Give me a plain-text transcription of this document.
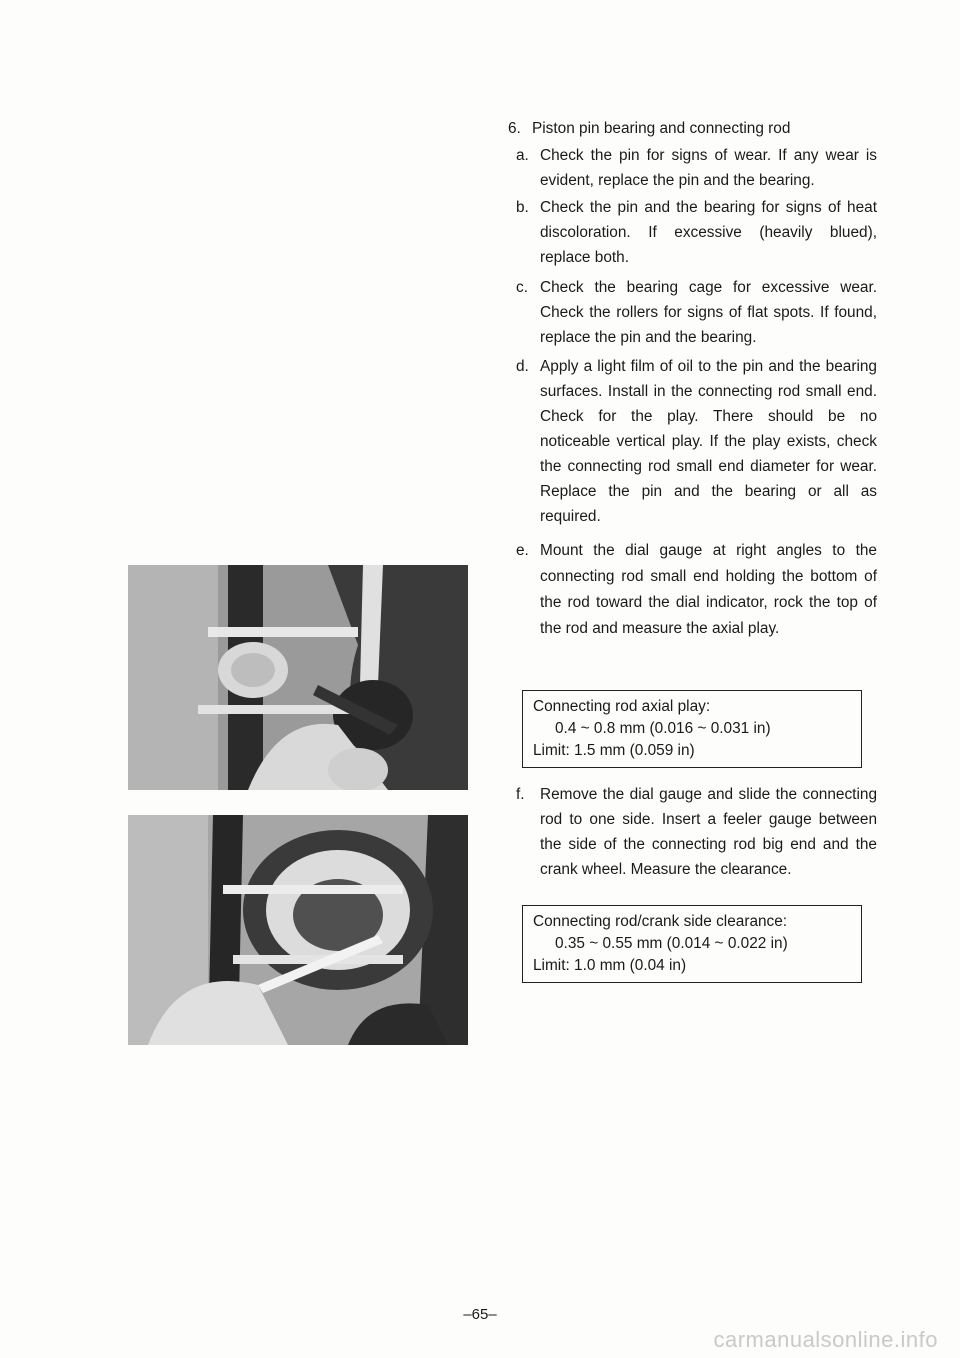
6. Piston pin bearing and connecting rod
a. Check the pin for signs of wear. If any wear is evident, replace the pin and the bearing.
b. Check the pin and the bearing for signs of heat discoloration. If excessive (heavily blued), replace both.
c. Check the bearing cage for excessive wear. Check the rollers for signs of flat spots. If found, replace the pin and the bearing.
d. Apply a light film of oil to the pin and the bearing surfaces. Install in the connecting rod small end. Check for the play. There should be no noticeable vertical play. If the play exists, check the connecting rod small end diameter for wear. Replace the pin and the bearing or all as required.
e. Mount the dial gauge at right angles to the connecting rod small end holding the bottom of the rod toward the dial indicator, rock the top of the rod and measure the axial play.
Connecting rod axial play:

0.4 ~ 0.8 mm (0.016 ~ 0.031 in)
Limit: 1.5 mm (0.059 in)
f.	Remove the dial gauge and slide the connecting rod to one side. Insert a feeler gauge between the side of the connecting rod big end and the crank wheel. Measure the clearance.
Connecting rod/crank side clearance:

0.35 ~ 0.55 mm (0.014 ~ 0.022 in)
Limit: 1.0 mm (0.04 in)
–65–
carmanualsonline.info
